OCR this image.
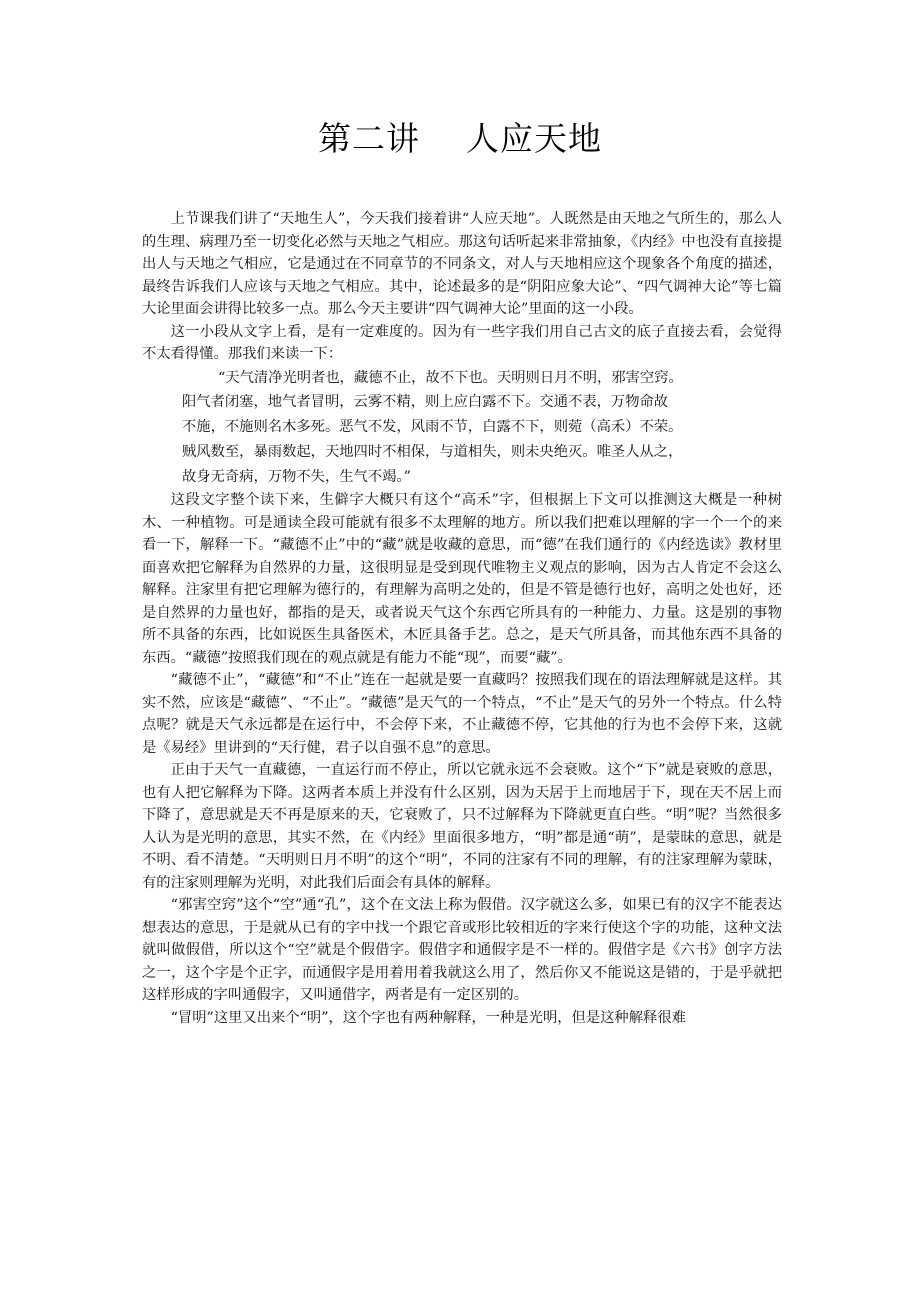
第二讲    人应天地

上节课我们讲了“天地生人”，今天我们接着讲“人应天地”。人既然是由天地之气所生的，那么人的生理、病理乃至一切变化必然与天地之气相应。那这句话听起来非常抽象，《内经》中也没有直接提出人与天地之气相应，它是通过在不同章节的不同条文，对人与天地相应这个现象各个角度的描述，最终告诉我们人应该与天地之气相应。其中，论述最多的是“阴阳应象大论”、“四气调神大论”等七篇大论里面会讲得比较多一点。那么今天主要讲“四气调神大论”里面的这一小段。

这一小段从文字上看，是有一定难度的。因为有一些字我们用自己古文的底子直接去看，会觉得不太看得懂。那我们来读一下：

“天气清净光明者也，藏德不止，故不下也。天明则日月不明，邪害空窍。
阳气者闭塞，地气者冒明，云雾不精，则上应白露不下。交通不表，万物命故
不施，不施则名木多死。恶气不发，风雨不节，白露不下，则菀（高禾）不荣。
贼风数至，暴雨数起，天地四时不相保，与道相失，则未央绝灭。唯圣人从之，
故身无奇病，万物不失，生气不竭。”

这段文字整个读下来，生僻字大概只有这个“高禾”字，但根据上下文可以推测这大概是一种树木、一种植物。可是通读全段可能就有很多不太理解的地方。所以我们把难以理解的字一个一个的来看一下，解释一下。“藏德不止”中的“藏”就是收藏的意思，而“德”在我们通行的《内经选读》教材里面喜欢把它解释为自然界的力量，这很明显是受到现代唯物主义观点的影响，因为古人肯定不会这么解释。注家里有把它理解为德行的，有理解为高明之处的，但是不管是德行也好，高明之处也好，还是自然界的力量也好，都指的是天，或者说天气这个东西它所具有的一种能力、力量。这是别的事物所不具备的东西，比如说医生具备医术，木匠具备手艺。总之，是天气所具备，而其他东西不具备的东西。“藏德”按照我们现在的观点就是有能力不能“现”，而要“藏”。

“藏德不止”，“藏德”和“不止”连在一起就是要一直藏吗？按照我们现在的语法理解就是这样。其实不然，应该是“藏德”、“不止”。“藏德”是天气的一个特点，“不止”是天气的另外一个特点。什么特点呢？就是天气永远都是在运行中，不会停下来，不止藏德不停，它其他的行为也不会停下来，这就是《易经》里讲到的“天行健，君子以自强不息”的意思。

正由于天气一直藏德，一直运行而不停止，所以它就永远不会衰败。这个“下”就是衰败的意思，也有人把它解释为下降。这两者本质上并没有什么区别，因为天居于上而地居于下，现在天不居上而下降了，意思就是天不再是原来的天，它衰败了，只不过解释为下降就更直白些。“明”呢？当然很多人认为是光明的意思，其实不然，在《内经》里面很多地方，“明”都是通“萌”，是蒙昧的意思，就是不明、看不清楚。“天明则日月不明”的这个“明”，不同的注家有不同的理解，有的注家理解为蒙昧，有的注家则理解为光明，对此我们后面会有具体的解释。

“邪害空窍”这个“空”通“孔”，这个在文法上称为假借。汉字就这么多，如果已有的汉字不能表达想表达的意思，于是就从已有的字中找一个跟它音或形比较相近的字来行使这个字的功能，这种文法就叫做假借，所以这个“空”就是个假借字。假借字和通假字是不一样的。假借字是《六书》创字方法之一，这个字是个正字，而通假字是用着用着我就这么用了，然后你又不能说这是错的，于是乎就把这样形成的字叫通假字，又叫通借字，两者是有一定区别的。

“冒明”这里又出来个“明”，这个字也有两种解释，一种是光明，但是这种解释很难
